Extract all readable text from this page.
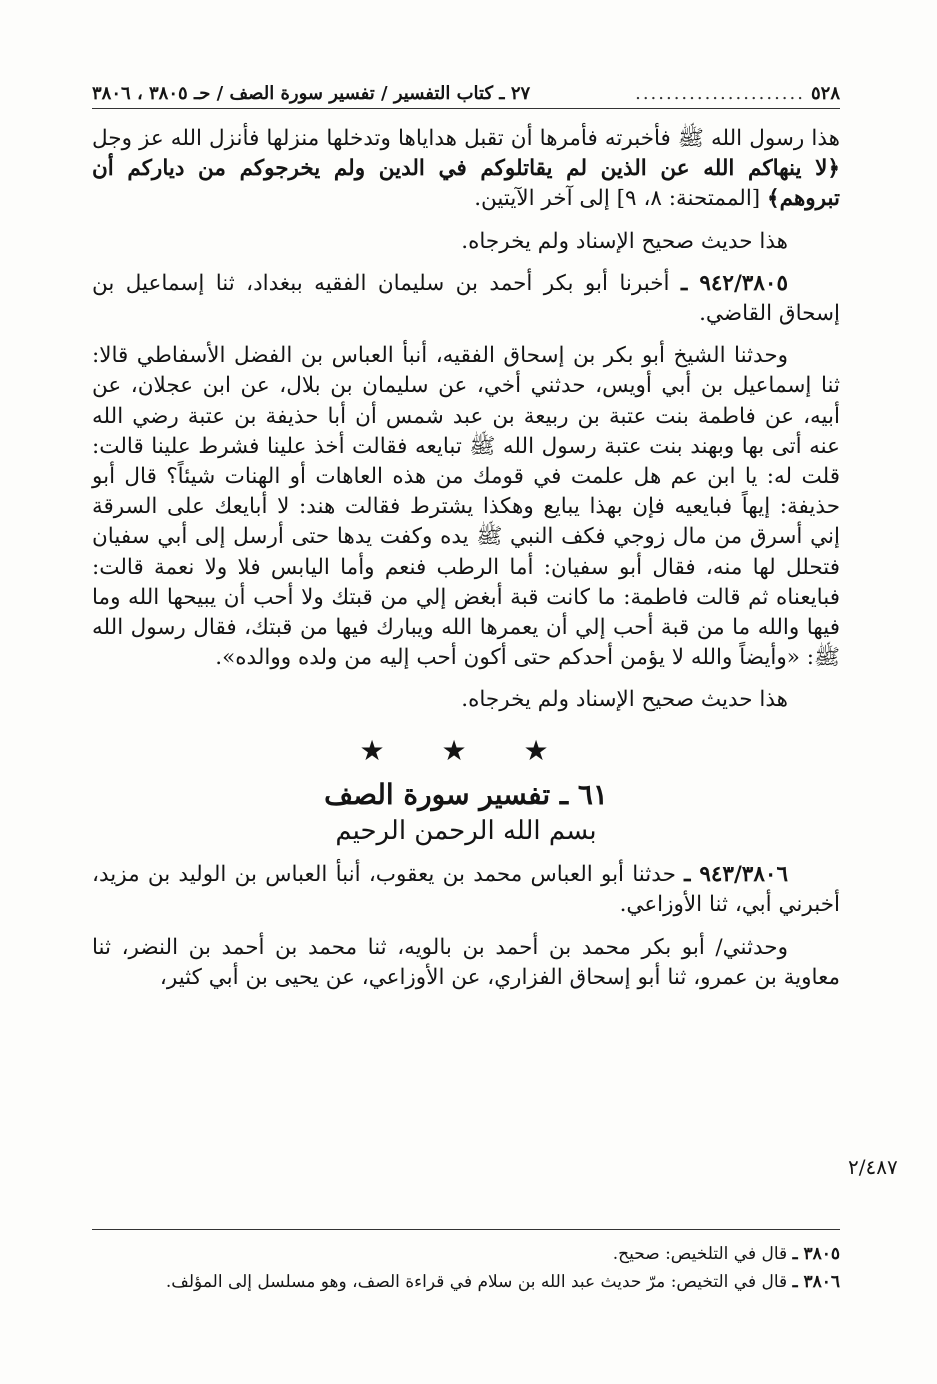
٥٢٨
......................
٢٧ ـ كتاب التفسير / تفسير سورة الصف / حـ ٣٨٠٥ ، ٣٨٠٦

هذا رسول الله ﷺ فأخبرته فأمرها أن تقبل هداياها وتدخلها منزلها فأنزل الله عز وجل ﴿لا ينهاكم الله عن الذين لم يقاتلوكم في الدين ولم يخرجوكم من دياركم أن تبروهم﴾ [الممتحنة: ٨، ٩] إلى آخر الآيتين.

هذا حديث صحيح الإسناد ولم يخرجاه.

٩٤٢/٣٨٠٥ ـ أخبرنا أبو بكر أحمد بن سليمان الفقيه ببغداد، ثنا إسماعيل بن إسحاق القاضي.

وحدثنا الشيخ أبو بكر بن إسحاق الفقيه، أنبأ العباس بن الفضل الأسفاطي قالا: ثنا إسماعيل بن أبي أويس، حدثني أخي، عن سليمان بن بلال، عن ابن عجلان، عن أبيه، عن فاطمة بنت عتبة بن ربيعة بن عبد شمس أن أبا حذيفة بن عتبة رضي الله عنه أتى بها وبهند بنت عتبة رسول الله ﷺ تبايعه فقالت أخذ علينا فشرط علينا قالت: قلت له: يا ابن عم هل علمت في قومك من هذه العاهات أو الهنات شيئاً؟ قال أبو حذيفة: إيهاً فبايعيه فإن بهذا يبايع وهكذا يشترط فقالت هند: لا أبايعك على السرقة إني أسرق من مال زوجي فكف النبي ﷺ يده وكفت يدها حتى أرسل إلى أبي سفيان فتحلل لها منه، فقال أبو سفيان: أما الرطب فنعم وأما اليابس فلا ولا نعمة قالت: فبايعناه ثم قالت فاطمة: ما كانت قبة أبغض إلي من قبتك ولا أحب أن يبيحها الله وما فيها والله ما من قبة أحب إلي أن يعمرها الله ويبارك فيها من قبتك، فقال رسول الله ﷺ: «وأيضاً والله لا يؤمن أحدكم حتى أكون أحب إليه من ولده ووالده».

هذا حديث صحيح الإسناد ولم يخرجاه.

★ ★ ★
٦١ ـ تفسير سورة الصف
بسم الله الرحمن الرحيم

٩٤٣/٣٨٠٦ ـ حدثنا أبو العباس محمد بن يعقوب، أنبأ العباس بن الوليد بن مزيد، أخبرني أبي، ثنا الأوزاعي.

وحدثني/ أبو بكر محمد بن أحمد بن بالويه، ثنا محمد بن أحمد بن النضر، ثنا معاوية بن عمرو، ثنا أبو إسحاق الفزاري، عن الأوزاعي، عن يحيى بن أبي كثير،

٢/٤٨٧
٣٨٠٥ ـ قال في التلخيص: صحيح.
٣٨٠٦ ـ قال في التخيص: مرّ حديث عبد الله بن سلام في قراءة الصف، وهو مسلسل إلى المؤلف.
